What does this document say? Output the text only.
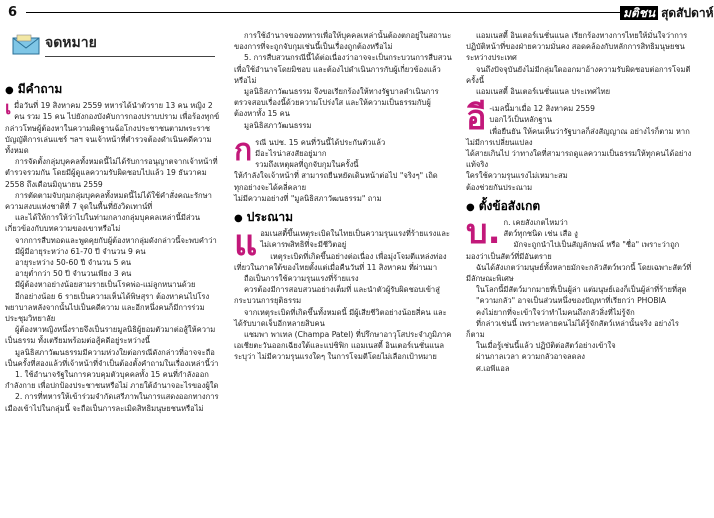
6	มติชน สุดสัปดาห์
จดหมาย
● มีคำถาม
เ มื่อวันที่ 19 สิงหาคม 2559 ทหารได้นำตัวราย 13 คน หญิง 2 คน รวม 15 คน ไปยังกองบังคับการกองปราบปราม เพื่อร้องทุกข์กล่าวโทษผู้ต้องหาในความผิดฐานฉ้อโกงประชาชนตามพระราชบัญญัติการเล่นแชร์ ฯลฯ จนเจ้าหน้าที่ตำรวจต้องดำเนินคดีความทั้งหมด

การจัดตั้งกลุ่มบุคคลทั้งหมดนี้ไม่ได้รับการอนุญาตจากเจ้าหน้าที่ตำรวจรวมกัน โดยมีผู้ดูแลความรับผิดชอบไปแล้ว 19 ธันวาคม 2558 ถึงเดือนมิถุนายน 2559

การตัดตามจับกุมกลุ่มบุคคลทั้งหมดนี้ไม่ได้ใช้คำสั่งคณะรักษาความสงบแห่งชาติที่ 7 จุดในพื้นที่ยังวิดเทาน์ที่

และได้ให้การให้ว่าไปในท่ามกลางกลุ่มบุคคลเหล่านี้มีส่วนเกี่ยวข้องกับบทความของเขาหรือไม่

จากการสืบทอดและพูดคุยกับผู้ต้องหากลุ่มดังกล่าวนี้จะพบคำว่า

มีผู้มีอายุระหว่าง 61-70 ปี จำนวน 9 คน

อายุระหว่าง 50-60 ปี จำนวน 5 คน

อายุต่ำกว่า 50 ปี จำนวนเพียง 3 คน

มีผู้ต้องหาอย่างน้อยสามรายเป็นโรคพ่อ-แม่ลูกหนานด้วย

อีกอย่างน้อย 6 รายเป็นความเห็นได้พิษสุรา ต้องหาคนไปโรงพยาบาลหลังจากนั้นไปเป็นคดีความ และอีกหนึ่งคนก็มีการร่วมประชุมวิทยาลัย

ผู้ต้องหาหญิงหนึ่งรายจึงเป็นรายมูลนิธิผู้ยอมตัวมาต่อสู้ให้ความเป็นธรรม ทั้งเตรียมพร้อมต่อสู้คดีอยู่ระหว่างนี้

มูลนิธิสภาวัฒนธรรมมีความห่วงใยต่อกรณีดังกล่าวที่อาจจะถือเป็นครั้งที่สองแล้วที่เจ้าหน้าที่จำเป็นต้องตั้งคำถามในเรื่องเหล่านี้ว่า

1. ใช้อำนาจรัฐในการควบคุมตัวบุคคลทั้ง 15 คนที่กำลังออกกำลังกาย เพื่อปกป้องประชาชนหรือไม่ ภายใต้อำนาจอะไรของผู้ใด

2. การที่ทหารให้เข้าร่วมจำกัดเสรีภาพในการแสดงออกทางการเมืองเข้าไปในกลุ่มนี้ จะถือเป็นการละเมิดสิทธิมนุษยชนหรือไม่

การใช้อำนาจของทหารเพื่อให้บุคคลเหล่านั้นต้องตกอยู่ในสถานะของการที่จะถูกจับกุมเช่นนี้เป็นเรื่องถูกต้องหรือไม่

5. การสืบสวนกรณีนี้ได้ต่อเนื่องว่าอาจจะเป็นกระบวนการสืบสวนเพื่อใช้อำนาจโดยมิชอบ และต้องไปดำเนินการกับผู้เกี่ยวข้องแล้วหรือไม่

มูลนิธิสภาวัฒนธรรม จึงขอเรียกร้องให้ทางรัฐบาลดำเนินการตรวจสอบเรื่องนี้ด้วยความโปร่งใส และให้ความเป็นธรรมกับผู้ต้องหาทั้ง 15 คน

มูลนิธิสภาวัฒนธรรม

ก รณี นปช. 15 คนที่วันนี้ได้ประกันตัวแล้ว

มีอะไรน่าสงสัยอยู่มาก

รวมถึงเหตุผลที่ถูกจับกุมในครั้งนี้

ให้กำลังใจเจ้าหน้าที่ สามารถยืนหยัดเดินหน้าต่อไป "จริงๆ" เถิด

ทุกอย่างจะได้คลี่คลาย

ไม่มีความอย่างที่ "มูลนิธิสภาวัฒนธรรม" ถาม

● ประณาม
แ อมเนสตี้ขึ้นเหตุระเบิดในไทยเป็นความรุนแรงที่ร้ายแรงและไม่เคารพสิทธิที่จะมีชีวิตอยู่

เหตุระเบิดที่เกิดขึ้นอย่างต่อเนื่อง เพื่อมุ่งโจมตีแหล่งท่องเที่ยวในภาคใต้ของไทยตั้งแต่เมื่อคืนวันที่ 11 สิงหาคม ที่ผ่านมา

ถือเป็นการใช้ความรุนแรงที่ร้ายแรง

ควรต้องมีการสอบสวนอย่างเต็มที่ และนำตัวผู้รับผิดชอบเข้าสู่กระบวนการยุติธรรม

จากเหตุระเบิดที่เกิดขึ้นทั้งหมดนี้ มีผู้เสียชีวิตอย่างน้อยสี่คน และได้รับบาดเจ็บอีกหลายสิบคน

แชมพา พาเทล (Champa Patel) ที่ปรึกษาอาวุโสประจำภูมิภาคเอเชียตะวันออกเฉียงใต้และแปซิฟิก แอมเนสตี้ อินเตอร์เนชั่นแนล ระบุว่า ไม่มีความรุนแรงใดๆ ในการโจมตีโดยไม่เลือกเป้าหมาย

แอมเนสตี้ อินเตอร์เนชั่นแนล เรียกร้องทางการไทยให้มั่นใจว่าการปฏิบัติหน้าที่ของฝ่ายความมั่นคง สอดคล้องกับหลักการสิทธิมนุษยชนระหว่างประเทศ

จนถึงปัจจุบันยังไม่มีกลุ่มใดออกมาอ้างความรับผิดชอบต่อการโจมตีครั้งนี้

แอมเนสตี้ อินเตอร์เนชั่นแนล ประเทศไทย

อี -เมลนี้มาเมื่อ 12 สิงหาคม 2559

บอกไว้เป็นหลักฐาน

เพื่อยืนยัน ให้คนเห็นว่ารัฐบาลก็ส่งสัญญาณ อย่างไรก็ตาม หากไม่มีการเปลี่ยนแปลง

ได้สายเกินไป ว่าทางใดที่สามารถดูแลความเป็นธรรมให้ทุกคนได้อย่างแท้จริง

ใครใช้ความรุนแรงไม่เหมาะสม

ต้องช่วยกันประณาม

● ตั้งข้อสังเกต
บ. ก. เคยสังเกตไหมว่า

สัตว์ทุกชนิด เช่น เสือ งู

มักจะถูกนำไปเป็นสัญลักษณ์ หรือ "ชื่อ" เพราะว่าถูกมองว่าเป็นสัตว์ที่มีอันตราย

ฉันได้สังเกตว่ามนุษย์ทั้งหลายมักจะกลัวสัตว์พวกนี้ โดยเฉพาะสัตว์ที่มีลักษณะพิเศษ

ในโลกนี้มีสัตว์มากมายที่เป็นผู้ล่า แต่มนุษย์เองก็เป็นผู้ล่าที่ร้ายที่สุด

"ความกลัว" อาจเป็นส่วนหนึ่งของปัญหาที่เรียกว่า PHOBIA

คงไม่ยากที่จะเข้าใจว่าทำไมคนถึงกลัวสิ่งที่ไม่รู้จัก

ที่กล่าวเช่นนี้ เพราะหลายคนไม่ได้รู้จักสัตว์เหล่านั้นจริง อย่างไรก็ตาม

ในเมื่อรู้เช่นนี้แล้ว ปฏิบัติต่อสัตว์อย่างเข้าใจ

ผ่านกาลเวลา ความกลัวอาจลดลง

ศ.เอพีแอล
